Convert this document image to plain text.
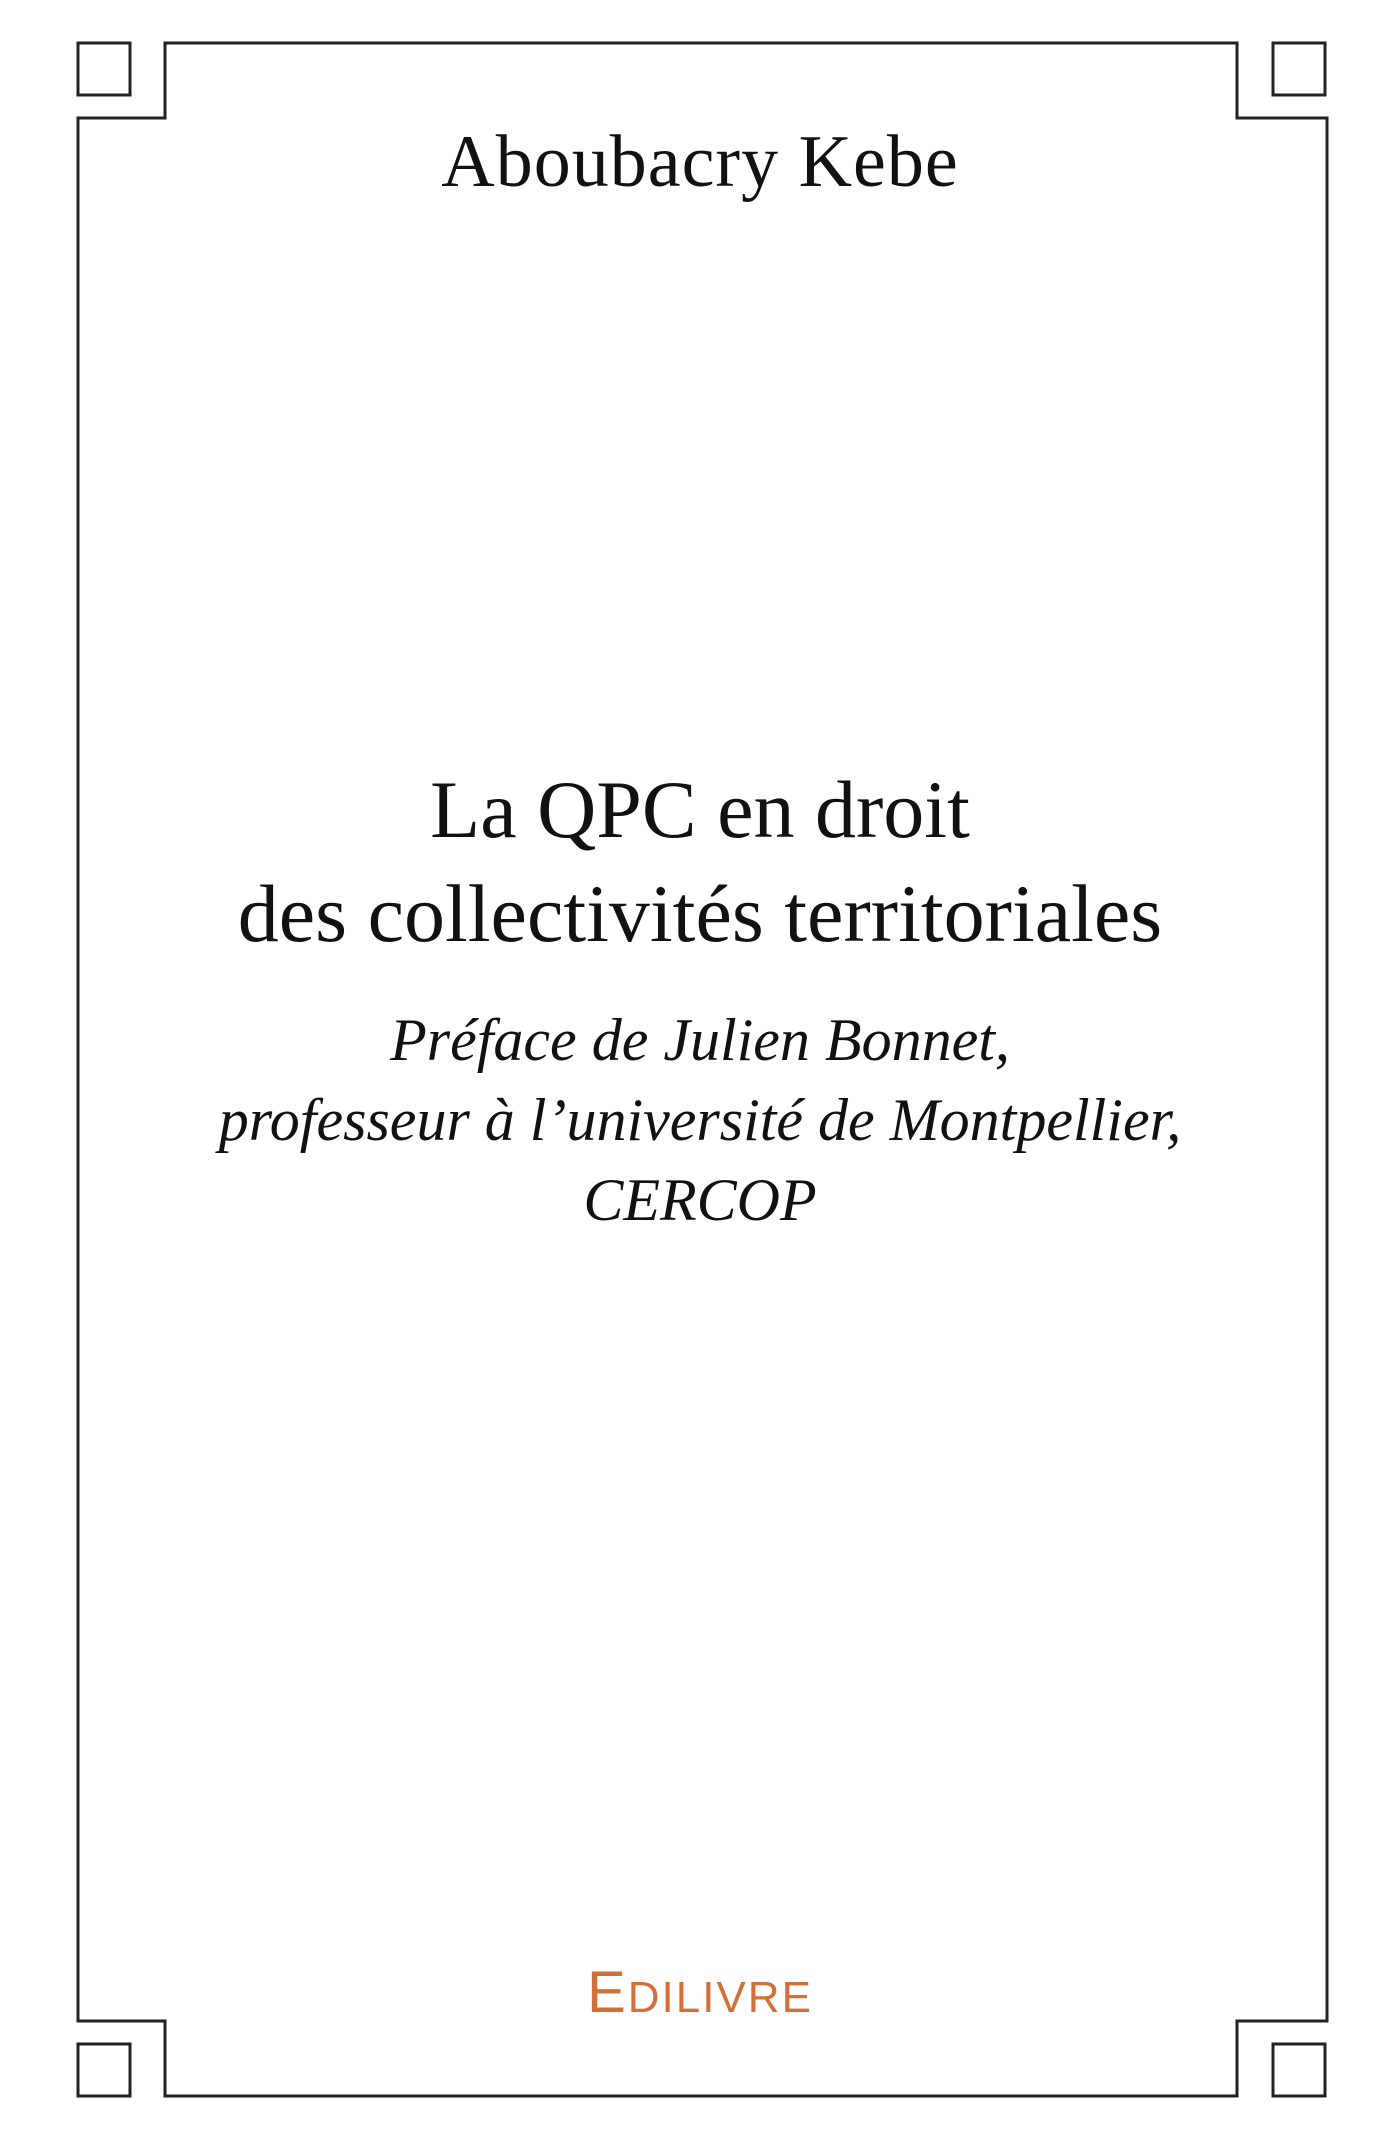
Aboubacry Kebe
La QPC en droit
des collectivités territoriales
Préface de Julien Bonnet,
professeur à l’université de Montpellier,
CERCOP
EDILIVRE
